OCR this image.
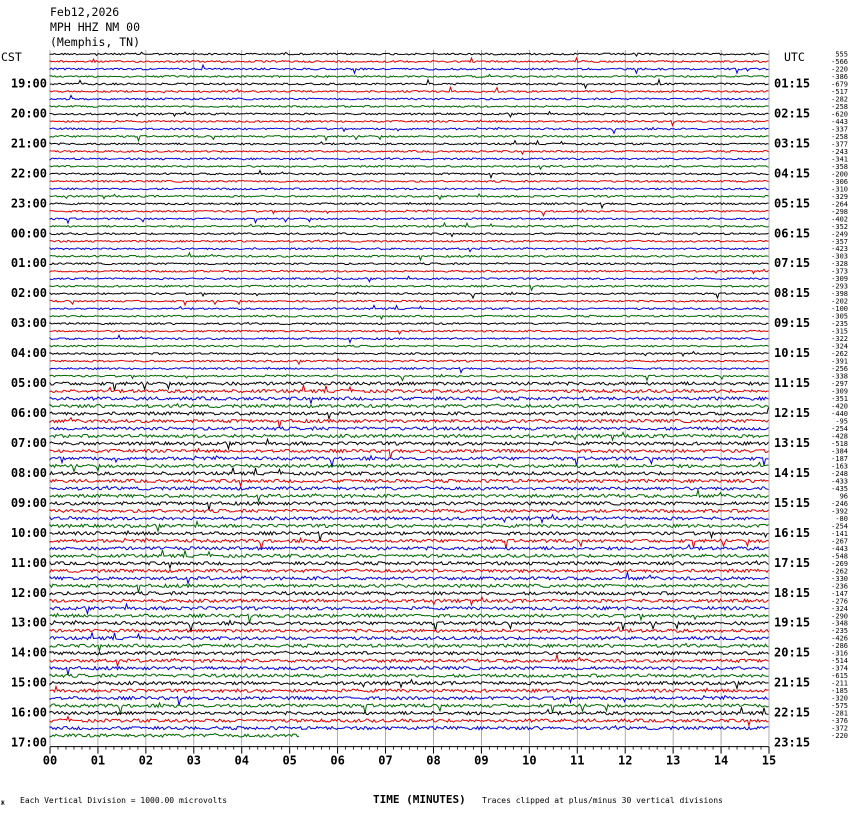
Feb12,2026
MPH HHZ NM 00
(Memphis, TN)
CST	UTC
19:00
20:00
21:00
22:00
23:00
00:00
01:00
02:00
03:00
04:00
05:00
06:00
07:00
08:00
09:00
10:00
11:00
12:00
13:00
14:00
15:00
16:00
17:00
01:15
02:15
03:15
04:15
05:15
06:15
07:15
08:15
09:15
10:15
11:15
12:15
13:15
14:15
15:15
16:15
17:15
18:15
19:15
20:15
21:15
22:15
23:15
555
-566
-220
-386
-679
-517
-282
-258
-620
-443
-337
-258
-377
-243
-341
-358
-200
-306
-310
-329
-264
-298
-402
-352
-249
-357
-423
-303
-328
-373
-309
-293
-398
-202
-100
-305
-235
-315
-322
-324
-262
-391
-256
-338
-297
-309
-351
-420
-440
-95
-254
-428
-518
-384
-187
-163
-248
-433
-435
96
-246
-392
-80
-254
-141
-267
-443
-548
-269
-262
-330
-236
-147
-276
-324
-290
-348
-235
-426
-286
-316
-514
-374
-615
-211
-185
-320
-575
-281
-376
-372
-220
00	01	02	03	04	05	06	07	08	09	10	11	12	13	14	15
TIME (MINUTES)
Each Vertical Division = 1000.00 microvolts	Traces clipped at plus/minus 30 vertical divisions
Ж
